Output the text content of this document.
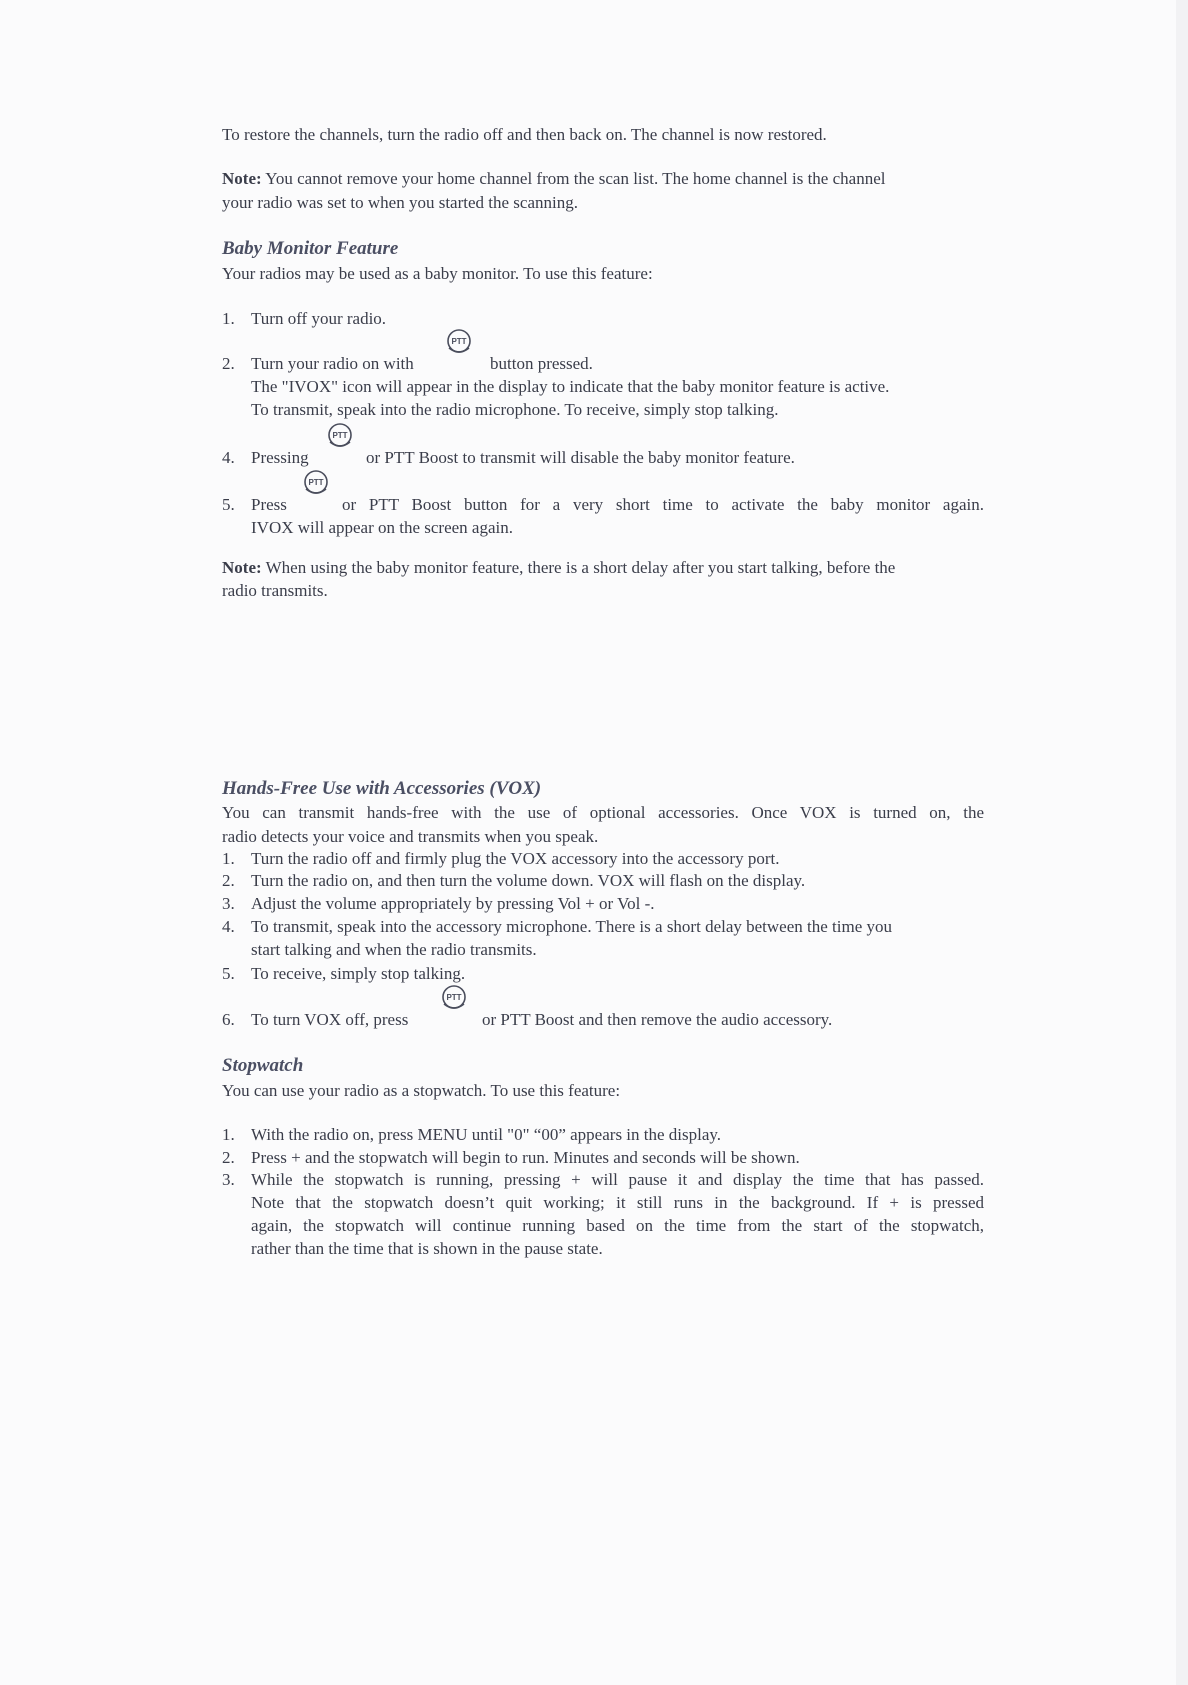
To restore the channels, turn the radio off and then back on. The channel is now restored.

Note: You cannot remove your home channel from the scan list. The home channel is the channel

your radio was set to when you started the scanning.

Baby Monitor Feature

Your radios may be used as a baby monitor. To use this feature:

1. Turn off your radio.

2. Turn your radio on with

PTT

button pressed.

The "IVOX" icon will appear in the display to indicate that the baby monitor feature is active.

To transmit, speak into the radio microphone. To receive, simply stop talking.

4. Pressing

PTT

or PTT Boost to transmit will disable the baby monitor feature.

5. Press

PTT

or PTT Boost button for a very short time to activate the baby monitor again.

IVOX will appear on the screen again.

Note: When using the baby monitor feature, there is a short delay after you start talking, before the

radio transmits.

Hands-Free Use with Accessories (VOX)

You can transmit hands-free with the use of optional accessories. Once VOX is turned on, the

radio detects your voice and transmits when you speak.

1. Turn the radio off and firmly plug the VOX accessory into the accessory port.

2. Turn the radio on, and then turn the volume down. VOX will flash on the display.

3. Adjust the volume appropriately by pressing Vol + or Vol -.

4. To transmit, speak into the accessory microphone. There is a short delay between the time you

start talking and when the radio transmits.

5. To receive, simply stop talking.

6. To turn VOX off, press

PTT

or PTT Boost and then remove the audio accessory.

Stopwatch

You can use your radio as a stopwatch. To use this feature:

1. With the radio on, press MENU until "0" “00” appears in the display.

2. Press + and the stopwatch will begin to run. Minutes and seconds will be shown.

3. While the stopwatch is running, pressing + will pause it and display the time that has passed.

Note that the stopwatch doesn’t quit working; it still runs in the background. If + is pressed

again, the stopwatch will continue running based on the time from the start of the stopwatch,

rather than the time that is shown in the pause state.
